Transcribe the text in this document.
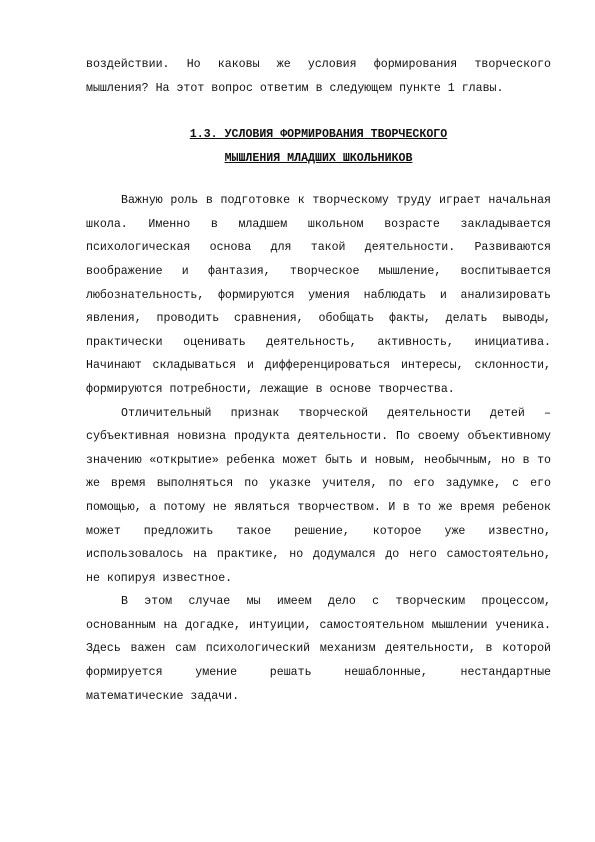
воздействии. Но каковы же условия формирования творческого мышления? На этот вопрос ответим в следующем пункте 1 главы.

1.3. УСЛОВИЯ ФОРМИРОВАНИЯ ТВОРЧЕСКОГО
МЫШЛЕНИЯ МЛАДШИХ ШКОЛЬНИКОВ

Важную роль в подготовке к творческому труду играет начальная школа. Именно в младшем школьном возрасте закладывается психологическая основа для такой деятельности. Развиваются воображение и фантазия, творческое мышление, воспитывается любознательность, формируются умения наблюдать и анализировать явления, проводить сравнения, обобщать факты, делать выводы, практически оценивать деятельность, активность, инициатива. Начинают складываться и дифференцироваться интересы, склонности, формируются потребности, лежащие в основе творчества.

Отличительный признак творческой деятельности детей – субъективная новизна продукта деятельности. По своему объективному значению «открытие» ребенка может быть и новым, необычным, но в то же время выполняться по указке учителя, по его задумке, с его помощью, а потому не являться творчеством. И в то же время ребенок может предложить такое решение, которое уже известно, использовалось на практике, но додумался до него самостоятельно, не копируя известное.

В этом случае мы имеем дело с творческим процессом, основанным на догадке, интуиции, самостоятельном мышлении ученика. Здесь важен сам психологический механизм деятельности, в которой формируется умение решать нешаблонные, нестандартные математические задачи.
